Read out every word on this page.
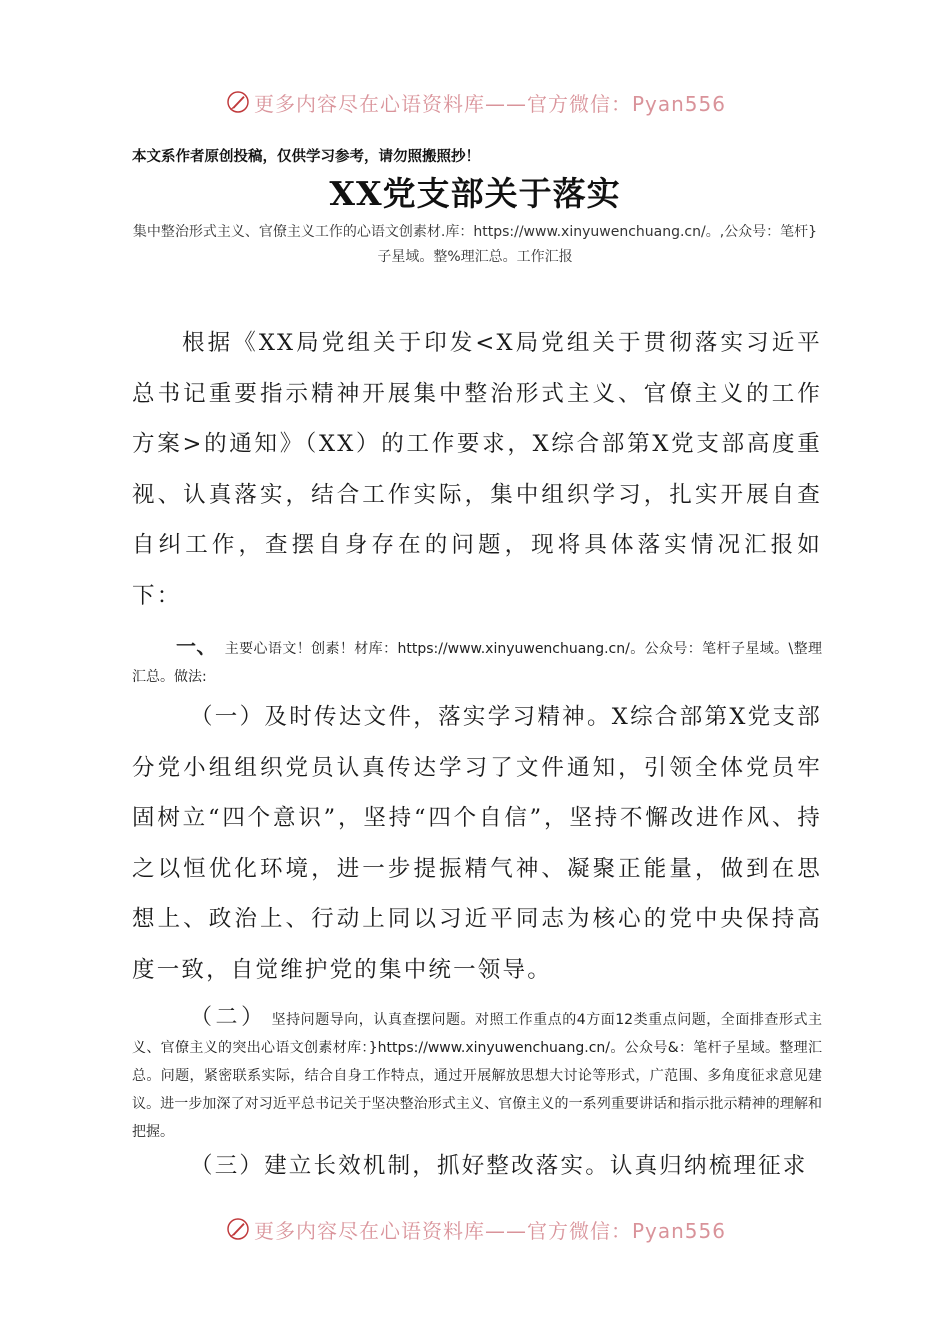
更多内容尽在心语资料库——官方微信：Pyan556
本文系作者原创投稿，仅供学习参考，请勿照搬照抄！
XX党支部关于落实
集中整治形式主义、官僚主义工作的心语文创素材.库：https://www.xinyuwenchuang.cn/。,公众号：笔杆}子星域。整%理汇总。工作汇报
根据《XX局党组关于印发<X局党组关于贯彻落实习近平总书记重要指示精神开展集中整治形式主义、官僚主义的工作方案>的通知》（XX）的工作要求，X综合部第X党支部高度重视、认真落实，结合工作实际，集中组织学习，扎实开展自查自纠工作，查摆自身存在的问题，现将具体落实情况汇报如下：
一、 主要心语文！创素！材库：https://www.xinyuwenchuang.cn/。公众号：笔杆子星域。\整理汇总。做法:
（一）及时传达文件，落实学习精神。X综合部第X党支部分党小组组织党员认真传达学习了文件通知，引领全体党员牢固树立“四个意识”，坚持“四个自信”，坚持不懈改进作风、持之以恒优化环境，进一步提振精气神、凝聚正能量，做到在思想上、政治上、行动上同以习近平同志为核心的党中央保持高度一致，自觉维护党的集中统一领导。
（二） 坚持问题导向，认真查摆问题。对照工作重点的4方面12类重点问题，全面排查形式主义、官僚主义的突出心语文创素材库：}https://www.xinyuwenchuang.cn/。公众号&：笔杆子星域。整理汇总。问题，紧密联系实际，结合自身工作特点，通过开展解放思想大讨论等形式，广范围、多角度征求意见建议。进一步加深了对习近平总书记关于坚决整治形式主义、官僚主义的一系列重要讲话和指示批示精神的理解和把握。
（三）建立长效机制，抓好整改落实。认真归纳梳理征求
更多内容尽在心语资料库——官方微信：Pyan556
